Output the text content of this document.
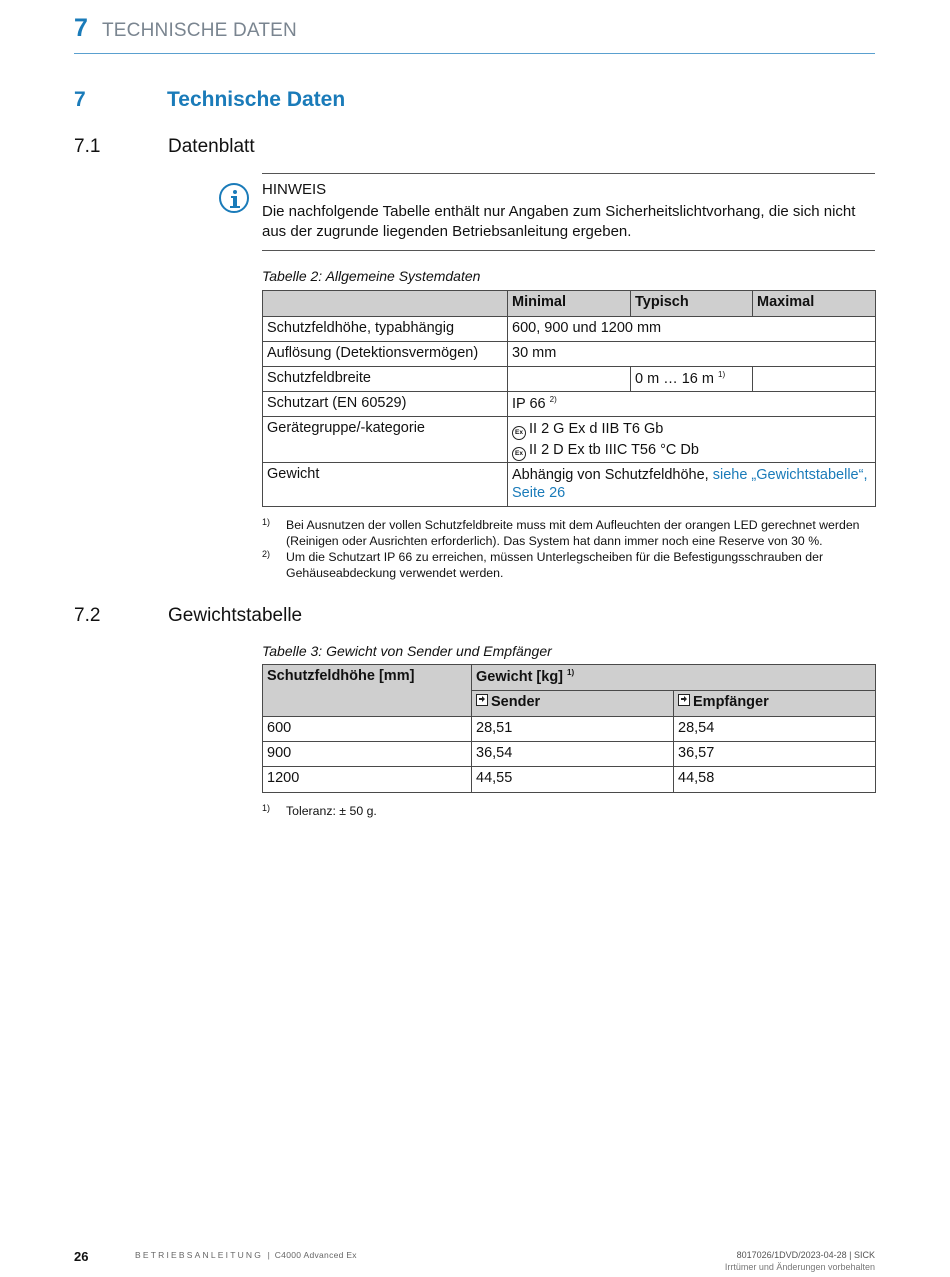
7 TECHNISCHE DATEN
7	Technische Daten
7.1	Datenblatt
HINWEIS
Die nachfolgende Tabelle enthält nur Angaben zum Sicherheitslichtvorhang, die sich nicht aus der zugrunde liegenden Betriebsanleitung ergeben.
Tabelle 2: Allgemeine Systemdaten
	Minimal	Typisch	Maximal
Schutzfeldhöhe, typabhängig	600, 900 und 1200 mm		
Auflösung (Detektionsvermögen)	30 mm		
Schutzfeldbreite		0 m … 16 m $^{1)}$	
Schutzart (EN 60529)	IP 66 $^{2)}$
Gerätegruppe/-kategorie	Ex II 2 G Ex d IIB T6 Gb
Ex II 2 D Ex tb IIIC T56 °C Db		

Gewicht	Abhängig von Schutzfeldhöhe, siehe „Gewichtstabelle“, Seite 26		
1) Bei Ausnutzen der vollen Schutzfeldbreite muss mit dem Aufleuchten der orangen LED gerechnet werden (Reinigen oder Ausrichten erforderlich). Das System hat dann immer noch eine Reserve von 30 %.
2) Um die Schutzart IP 66 zu erreichen, müssen Unterlegscheiben für die Befestigungsschrauben der Gehäuseabdeckung verwendet werden.
7.2	Gewichtstabelle
Tabelle 3: Gewicht von Sender und Empfänger
Schutzfeldhöhe [mm]	Gewicht [kg] $^{1)}$
	Sender	Empfänger
600	28,51	28,54
900	36,54	36,57
1200	44,55	44,58
1) Toleranz: ± 50 g.
26	BETRIEBSANLEITUNG | C4000 Advanced Ex	8017026/1DVD/2023-04-28 | SICK
Irrtümer und Änderungen vorbehalten
